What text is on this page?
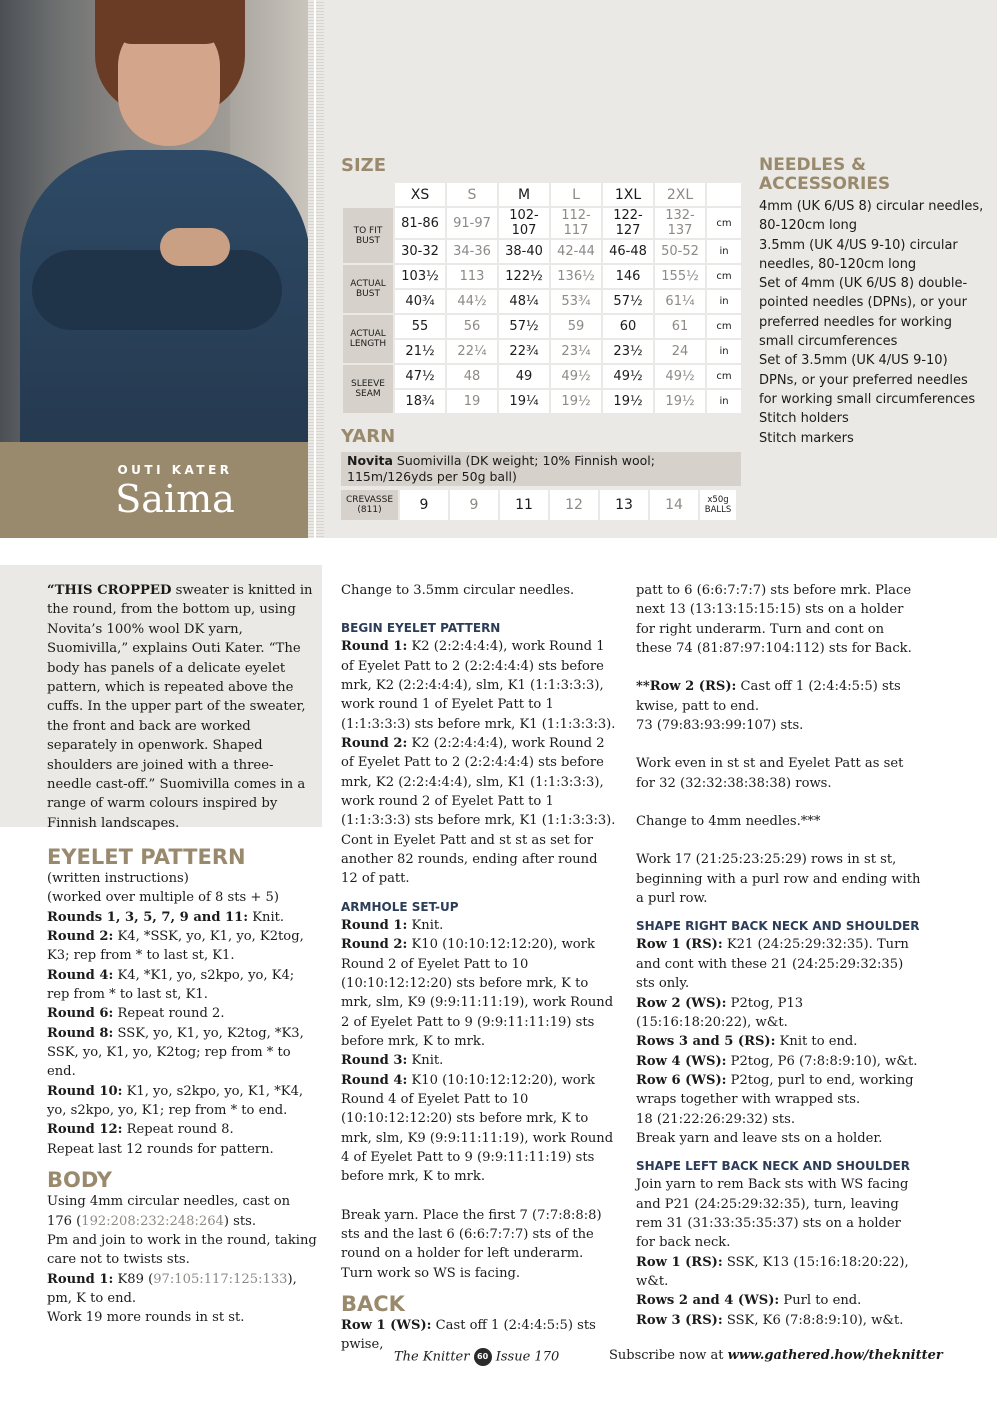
OUTI KATER
Saima
SIZE
	XS	S	M	L	1XL	2XL	
TO FIT BUST	81-86	91-97	102-107	112-117	122-127	132-137	cm
	30-32	34-36	38-40	42-44	46-48	50-52	in
ACTUAL BUST	103½	113	122½	136½	146	155½	cm
	40¾	44½	48¼	53¾	57½	61¼	in
ACTUAL LENGTH	55	56	57½	59	60	61	cm
	21½	22¼	22¾	23¼	23½	24	in
SLEEVE SEAM	47½	48	49	49½	49½	49½	cm
	18¾	19	19¼	19½	19½	19½	in
YARN
Novita Suomivilla (DK weight; 10% Finnish wool; 115m/126yds per 50g ball)
CREVASSE (811)	9	9	11	12	13	14	x50g BALLS
NEEDLES & ACCESSORIES
4mm (UK 6/US 8) circular needles, 80-120cm long
3.5mm (UK 4/US 9-10) circular needles, 80-120cm long
Set of 4mm (UK 6/US 8) double-pointed needles (DPNs), or your preferred needles for working small circumferences
Set of 3.5mm (UK 4/US 9-10) DPNs, or your preferred needles for working small circumferences
Stitch holders
Stitch markers
“THIS CROPPED sweater is knitted in the round, from the bottom up, using Novita’s 100% wool DK yarn, Suomivilla,” explains Outi Kater. “The body has panels of a delicate eyelet pattern, which is repeated above the cuffs. In the upper part of the sweater, the front and back are worked separately in openwork. Shaped shoulders are joined with a three-needle cast-off.” Suomivilla comes in a range of warm colours inspired by Finnish landscapes.
EYELET PATTERN
(written instructions)
(worked over multiple of 8 sts + 5)
Rounds 1, 3, 5, 7, 9 and 11: Knit.
Round 2: K4, *SSK, yo, K1, yo, K2tog, K3; rep from * to last st, K1.
Round 4: K4, *K1, yo, s2kpo, yo, K4; rep from * to last st, K1.
Round 6: Repeat round 2.
Round 8: SSK, yo, K1, yo, K2tog, *K3, SSK, yo, K1, yo, K2tog; rep from * to end.
Round 10: K1, yo, s2kpo, yo, K1, *K4, yo, s2kpo, yo, K1; rep from * to end.
Round 12: Repeat round 8.
Repeat last 12 rounds for pattern.
BODY
Using 4mm circular needles, cast on 176 (192:208:232:248:264) sts.
Pm and join to work in the round, taking care not to twists sts.
Round 1: K89 (97:105:117:125:133), pm, K to end.
Work 19 more rounds in st st.
Change to 3.5mm circular needles.
BEGIN EYELET PATTERN
Round 1: K2 (2:2:4:4:4), work Round 1 of Eyelet Patt to 2 (2:2:4:4:4) sts before mrk, K2 (2:2:4:4:4), slm, K1 (1:1:3:3:3), work round 1 of Eyelet Patt to 1 (1:1:3:3:3) sts before mrk, K1 (1:1:3:3:3).
Round 2: K2 (2:2:4:4:4), work Round 2 of Eyelet Patt to 2 (2:2:4:4:4) sts before mrk, K2 (2:2:4:4:4), slm, K1 (1:1:3:3:3), work round 2 of Eyelet Patt to 1 (1:1:3:3:3) sts before mrk, K1 (1:1:3:3:3).
Cont in Eyelet Patt and st st as set for another 82 rounds, ending after round 12 of patt.
ARMHOLE SET-UP
Round 1: Knit.
Round 2: K10 (10:10:12:12:20), work Round 2 of Eyelet Patt to 10 (10:10:12:12:20) sts before mrk, K to mrk, slm, K9 (9:9:11:11:19), work Round 2 of Eyelet Patt to 9 (9:9:11:11:19) sts before mrk, K to mrk.
Round 3: Knit.
Round 4: K10 (10:10:12:12:20), work Round 4 of Eyelet Patt to 10 (10:10:12:12:20) sts before mrk, K to mrk, slm, K9 (9:9:11:11:19), work Round 4 of Eyelet Patt to 9 (9:9:11:11:19) sts before mrk, K to mrk.
Break yarn. Place the first 7 (7:7:8:8:8) sts and the last 6 (6:6:7:7:7) sts of the round on a holder for left underarm. Turn work so WS is facing.
BACK
Row 1 (WS): Cast off 1 (2:4:4:5:5) sts pwise,
patt to 6 (6:6:7:7:7) sts before mrk. Place next 13 (13:13:15:15:15) sts on a holder for right underarm. Turn and cont on these 74 (81:87:97:104:112) sts for Back.
**Row 2 (RS): Cast off 1 (2:4:4:5:5) sts kwise, patt to end.
73 (79:83:93:99:107) sts.
Work even in st st and Eyelet Patt as set for 32 (32:32:38:38:38) rows.
Change to 4mm needles.***
Work 17 (21:25:23:25:29) rows in st st, beginning with a purl row and ending with a purl row.
SHAPE RIGHT BACK NECK AND SHOULDER
Row 1 (RS): K21 (24:25:29:32:35). Turn and cont with these 21 (24:25:29:32:35) sts only.
Row 2 (WS): P2tog, P13 (15:16:18:20:22), w&t.
Rows 3 and 5 (RS): Knit to end.
Row 4 (WS): P2tog, P6 (7:8:8:9:10), w&t.
Row 6 (WS): P2tog, purl to end, working wraps together with wrapped sts.
18 (21:22:26:29:32) sts.
Break yarn and leave sts on a holder.
SHAPE LEFT BACK NECK AND SHOULDER
Join yarn to rem Back sts with WS facing and P21 (24:25:29:32:35), turn, leaving rem 31 (31:33:35:35:37) sts on a holder for back neck.
Row 1 (RS): SSK, K13 (15:16:18:20:22), w&t.
Rows 2 and 4 (WS): Purl to end.
Row 3 (RS): SSK, K6 (7:8:8:9:10), w&t.
The Knitter 60 Issue 170	Subscribe now at www.gathered.how/theknitter
